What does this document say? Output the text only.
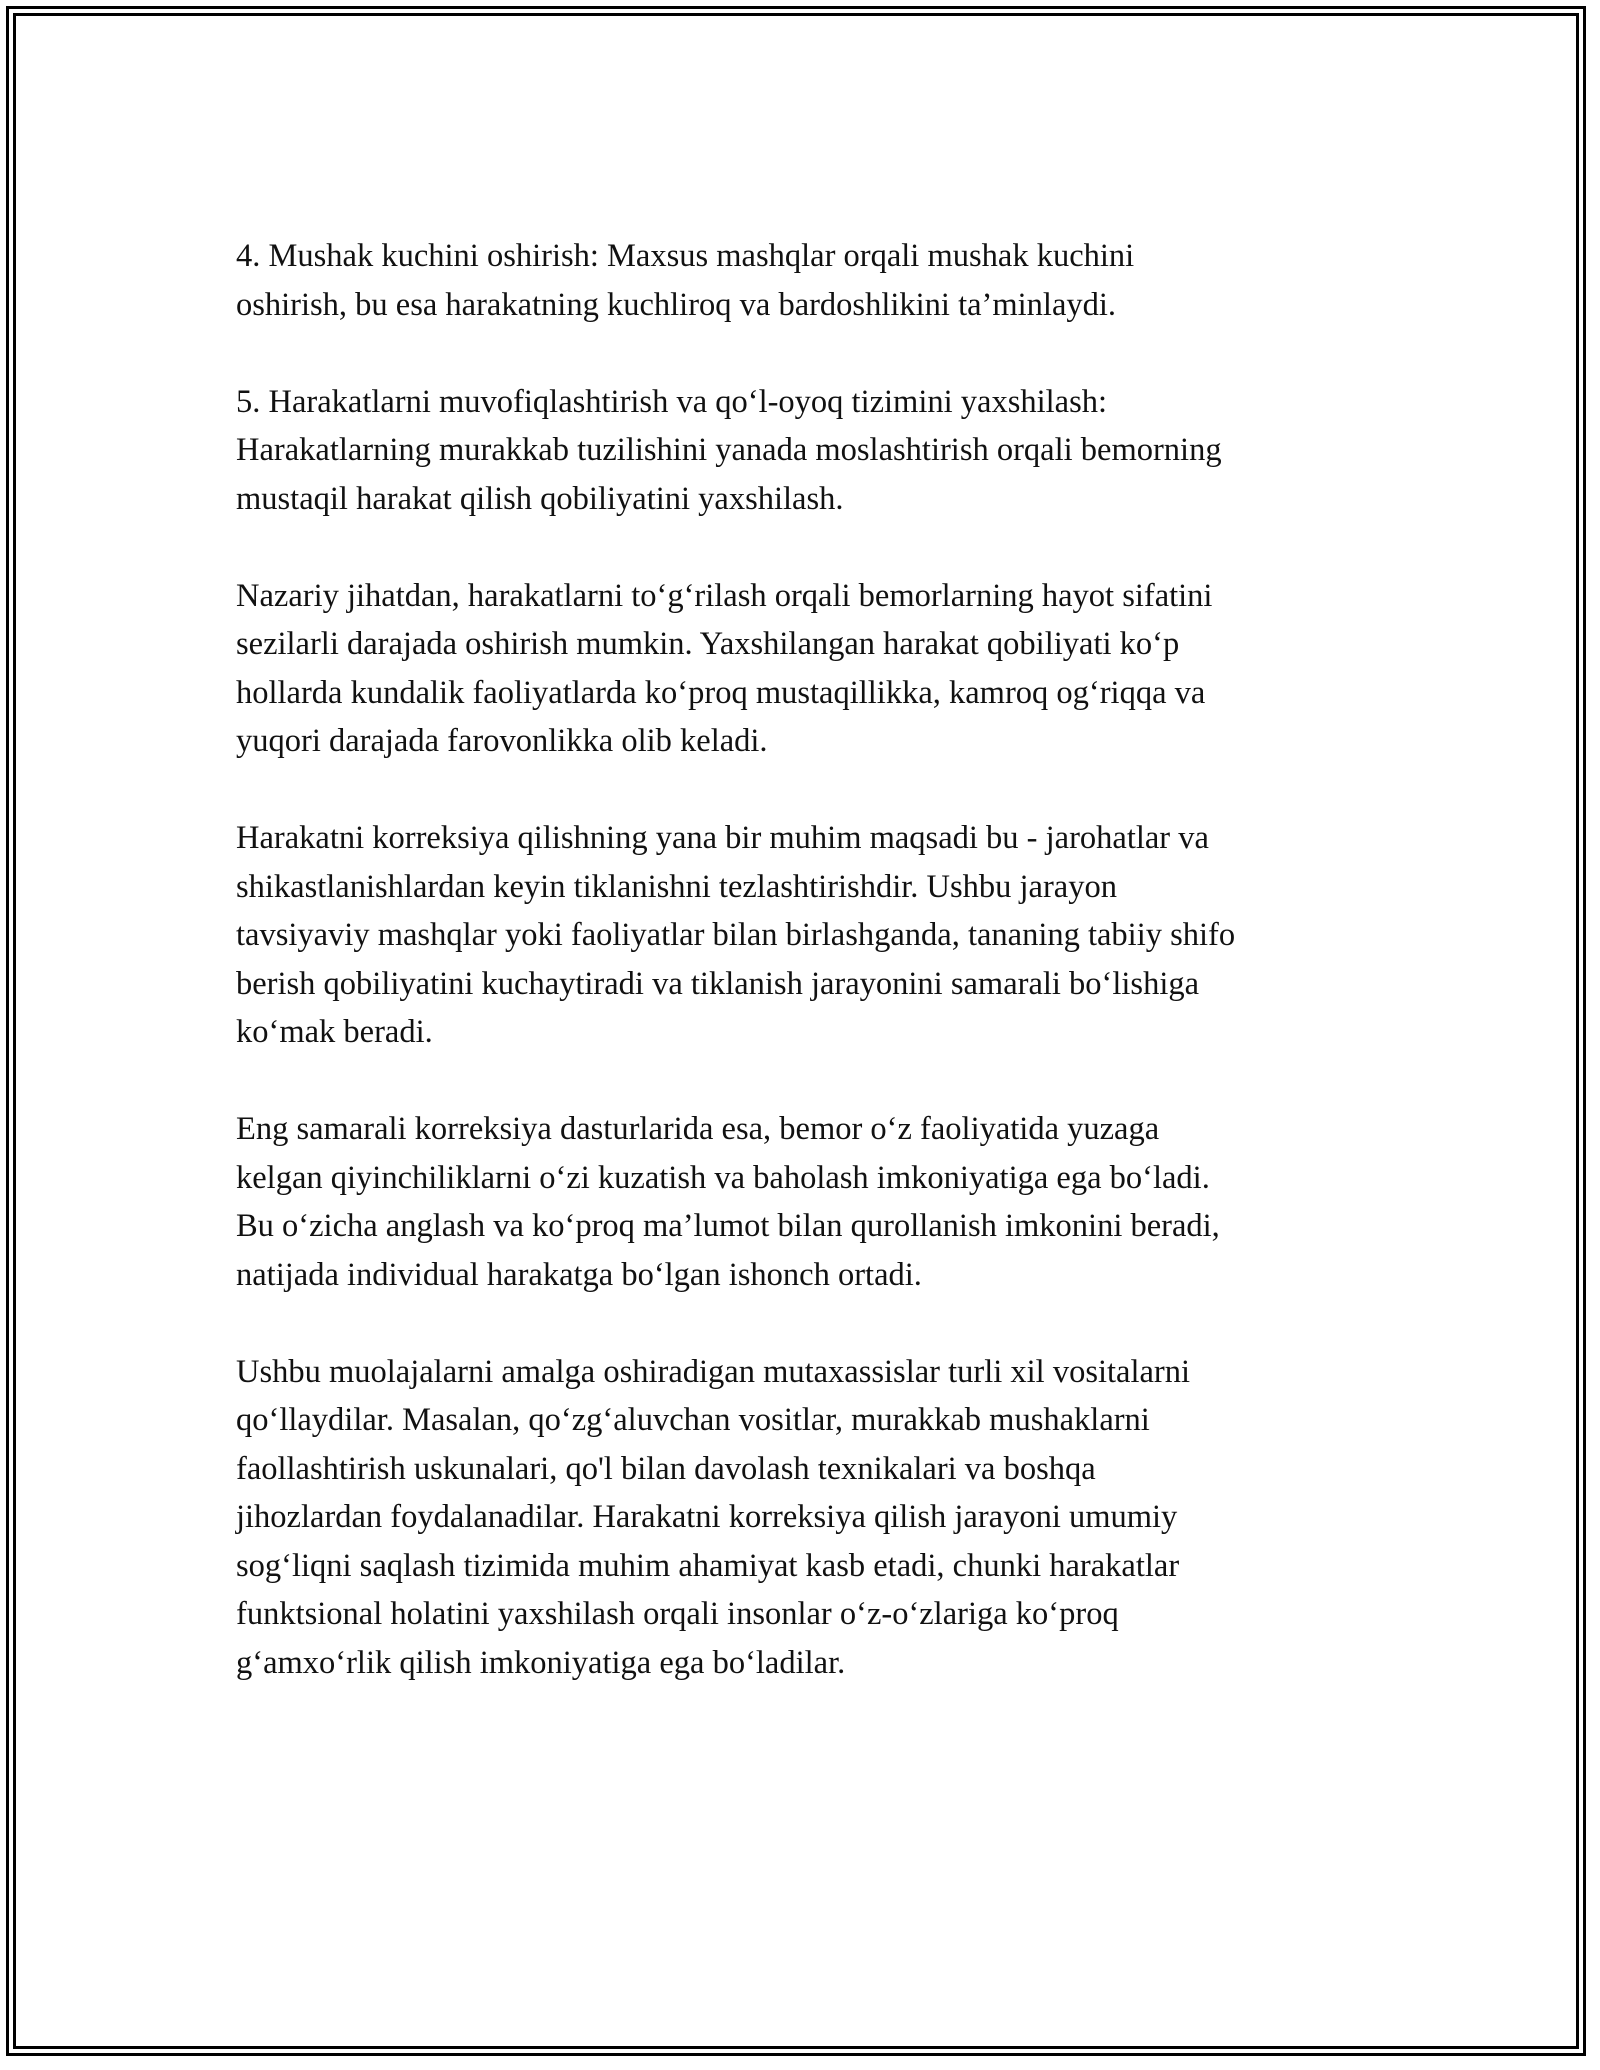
4. Mushak kuchini oshirish: Maxsus mashqlar orqali mushak kuchini
oshirish, bu esa harakatning kuchliroq va bardoshlikini ta’minlaydi.

5. Harakatlarni muvofiqlashtirish va qo‘l-oyoq tizimini yaxshilash:
Harakatlarning murakkab tuzilishini yanada moslashtirish orqali bemorning
mustaqil harakat qilish qobiliyatini yaxshilash.

Nazariy jihatdan, harakatlarni to‘g‘rilash orqali bemorlarning hayot sifatini
sezilarli darajada oshirish mumkin. Yaxshilangan harakat qobiliyati ko‘p
hollarda kundalik faoliyatlarda ko‘proq mustaqillikka, kamroq og‘riqqa va
yuqori darajada farovonlikka olib keladi.

Harakatni korreksiya qilishning yana bir muhim maqsadi bu - jarohatlar va
shikastlanishlardan keyin tiklanishni tezlashtirishdir. Ushbu jarayon
tavsiyaviy mashqlar yoki faoliyatlar bilan birlashganda, tananing tabiiy shifo
berish qobiliyatini kuchaytiradi va tiklanish jarayonini samarali bo‘lishiga
ko‘mak beradi.

Eng samarali korreksiya dasturlarida esa, bemor o‘z faoliyatida yuzaga
kelgan qiyinchiliklarni o‘zi kuzatish va baholash imkoniyatiga ega bo‘ladi.
Bu o‘zicha anglash va ko‘proq ma’lumot bilan qurollanish imkonini beradi,
natijada individual harakatga bo‘lgan ishonch ortadi.

Ushbu muolajalarni amalga oshiradigan mutaxassislar turli xil vositalarni
qo‘llaydilar. Masalan, qo‘zg‘aluvchan vositlar, murakkab mushaklarni
faollashtirish uskunalari, qo'l bilan davolash texnikalari va boshqa
jihozlardan foydalanadilar. Harakatni korreksiya qilish jarayoni umumiy
sog‘liqni saqlash tizimida muhim ahamiyat kasb etadi, chunki harakatlar
funktsional holatini yaxshilash orqali insonlar o‘z-o‘zlariga ko‘proq
g‘amxo‘rlik qilish imkoniyatiga ega bo‘ladilar.
